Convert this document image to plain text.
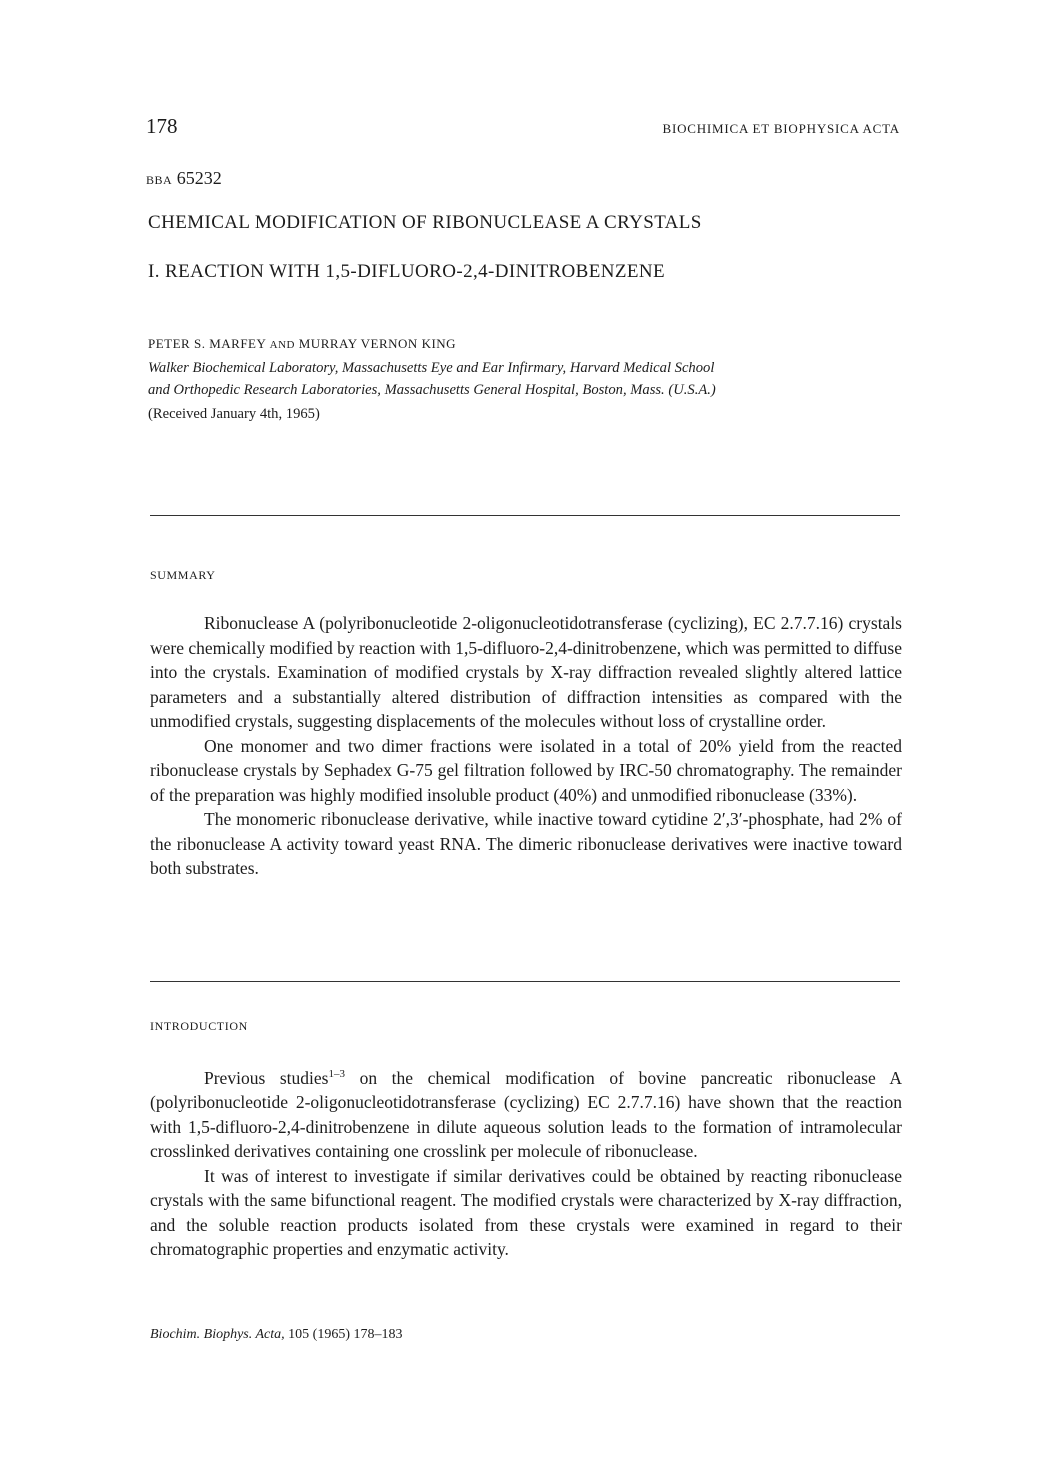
178	BIOCHIMICA ET BIOPHYSICA ACTA
BBA 65232
CHEMICAL MODIFICATION OF RIBONUCLEASE A CRYSTALS
I. REACTION WITH 1,5-DIFLUORO-2,4-DINITROBENZENE
PETER S. MARFEY AND MURRAY VERNON KING
Walker Biochemical Laboratory, Massachusetts Eye and Ear Infirmary, Harvard Medical School
and Orthopedic Research Laboratories, Massachusetts General Hospital, Boston, Mass. (U.S.A.)
(Received January 4th, 1965)
SUMMARY

Ribonuclease A (polyribonucleotide 2-oligonucleotidotransferase (cyclizing), EC 2.7.7.16) crystals were chemically modified by reaction with 1,5-difluoro-2,4-dinitrobenzene, which was permitted to diffuse into the crystals. Examination of modified crystals by X-ray diffraction revealed slightly altered lattice parameters and a substantially altered distribution of diffraction intensities as compared with the unmodified crystals, suggesting displacements of the molecules without loss of crystalline order.

One monomer and two dimer fractions were isolated in a total of 20% yield from the reacted ribonuclease crystals by Sephadex G-75 gel filtration followed by IRC-50 chromatography. The remainder of the preparation was highly modified insoluble product (40%) and unmodified ribonuclease (33%).

The monomeric ribonuclease derivative, while inactive toward cytidine 2′,3′-phosphate, had 2% of the ribonuclease A activity toward yeast RNA. The dimeric ribonuclease derivatives were inactive toward both substrates.

INTRODUCTION

Previous studies$^{1-3}$ on the chemical modification of bovine pancreatic ribonuclease A (polyribonucleotide 2-oligonucleotidotransferase (cyclizing) EC 2.7.7.16) have shown that the reaction with 1,5-difluoro-2,4-dinitrobenzene in dilute aqueous solution leads to the formation of intramolecular crosslinked derivatives containing one crosslink per molecule of ribonuclease.

It was of interest to investigate if similar derivatives could be obtained by reacting ribonuclease crystals with the same bifunctional reagent. The modified crystals were characterized by X-ray diffraction, and the soluble reaction products isolated from these crystals were examined in regard to their chromatographic properties and enzymatic activity.

Biochim. Biophys. Acta, 105 (1965) 178–183
